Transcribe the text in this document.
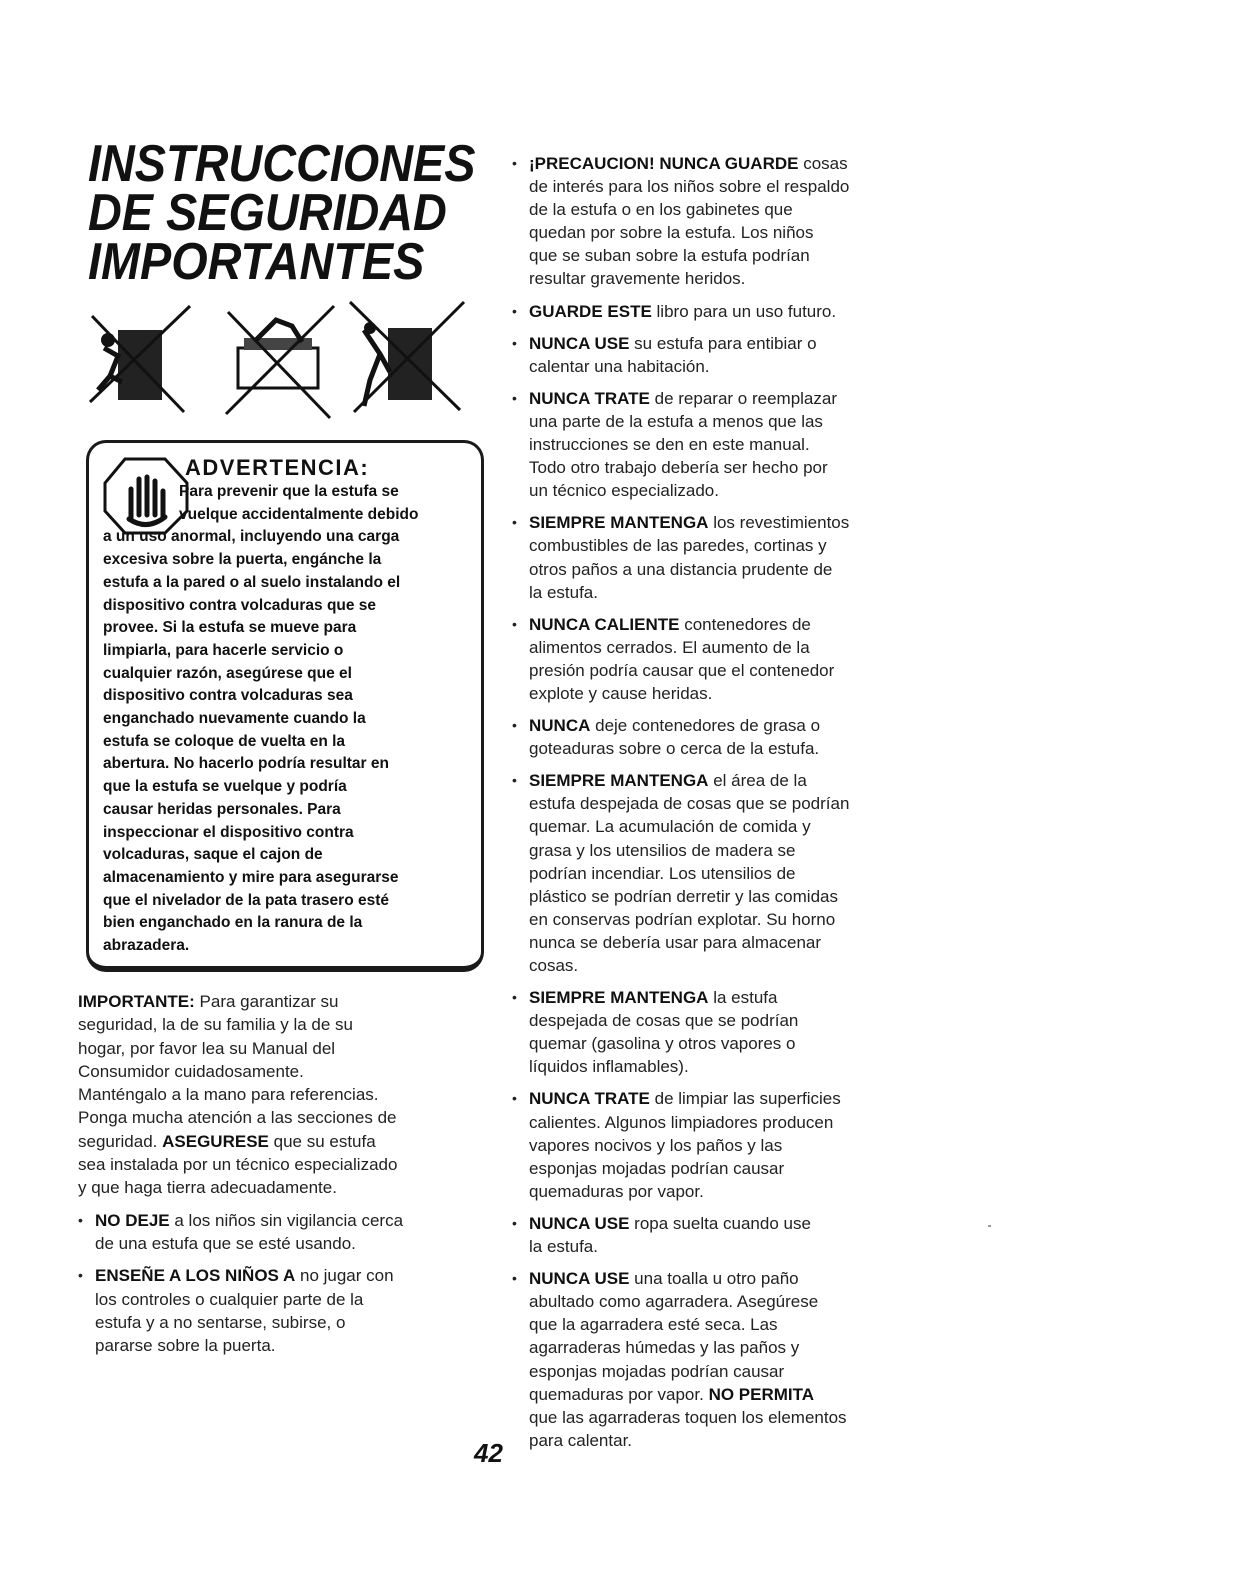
INSTRUCCIONES
DE SEGURIDAD
IMPORTANTES
ADVERTENCIA:
Para prevenir que la estufa se
vuelque accidentalmente debido
a un uso anormal, incluyendo una carga
excesiva sobre la puerta, engánche la
estufa a la pared o al suelo instalando el
dispositivo contra volcaduras que se
provee. Si la estufa se mueve para
limpiarla, para hacerle servicio o
cualquier razón, asegúrese que el
dispositivo contra volcaduras sea
enganchado nuevamente cuando la
estufa se coloque de vuelta en la
abertura. No hacerlo podría resultar en
que la estufa se vuelque y podría
causar heridas personales. Para
inspeccionar el dispositivo contra
volcaduras, saque el cajon de
almacenamiento y mire para asegurarse
que el nivelador de la pata trasero esté
bien enganchado en la ranura de la
abrazadera.

IMPORTANTE: Para garantizar su
seguridad, la de su familia y la de su
hogar, por favor lea su Manual del
Consumidor cuidadosamente.
Manténgalo a la mano para referencias.
Ponga mucha atención a las secciones de
seguridad. ASEGURESE que su estufa
sea instalada por un técnico especializado
y que haga tierra adecuadamente.

• NO DEJE a los niños sin vigilancia cerca
de una estufa que se esté usando.
• ENSEÑE A LOS NIÑOS A no jugar con
los controles o cualquier parte de la
estufa y a no sentarse, subirse, o
pararse sobre la puerta.
• ¡PRECAUCION! NUNCA GUARDE cosas
de interés para los niños sobre el respaldo
de la estufa o en los gabinetes que
quedan por sobre la estufa. Los niños
que se suban sobre la estufa podrían
resultar gravemente heridos.
• GUARDE ESTE libro para un uso futuro.
• NUNCA USE su estufa para entibiar o
calentar una habitación.
• NUNCA TRATE de reparar o reemplazar
una parte de la estufa a menos que las
instrucciones se den en este manual.
Todo otro trabajo debería ser hecho por
un técnico especializado.
• SIEMPRE MANTENGA los revestimientos
combustibles de las paredes, cortinas y
otros paños a una distancia prudente de
la estufa.
• NUNCA CALIENTE contenedores de
alimentos cerrados. El aumento de la
presión podría causar que el contenedor
explote y cause heridas.
• NUNCA deje contenedores de grasa o
goteaduras sobre o cerca de la estufa.
• SIEMPRE MANTENGA el área de la
estufa despejada de cosas que se podrían
quemar. La acumulación de comida y
grasa y los utensilios de madera se
podrían incendiar. Los utensilios de
plástico se podrían derretir y las comidas
en conservas podrían explotar. Su horno
nunca se debería usar para almacenar
cosas.
• SIEMPRE MANTENGA la estufa
despejada de cosas que se podrían
quemar (gasolina y otros vapores o
líquidos inflamables).
• NUNCA TRATE de limpiar las superficies
calientes. Algunos limpiadores producen
vapores nocivos y los paños y las
esponjas mojadas podrían causar
quemaduras por vapor.
• NUNCA USE ropa suelta cuando use
la estufa.
• NUNCA USE una toalla u otro paño
abultado como agarradera. Asegúrese
que la agarradera esté seca. Las
agarraderas húmedas y las paños y
esponjas mojadas podrían causar
quemaduras por vapor. NO PERMITA
que las agarraderas toquen los elementos
para calentar.

42
